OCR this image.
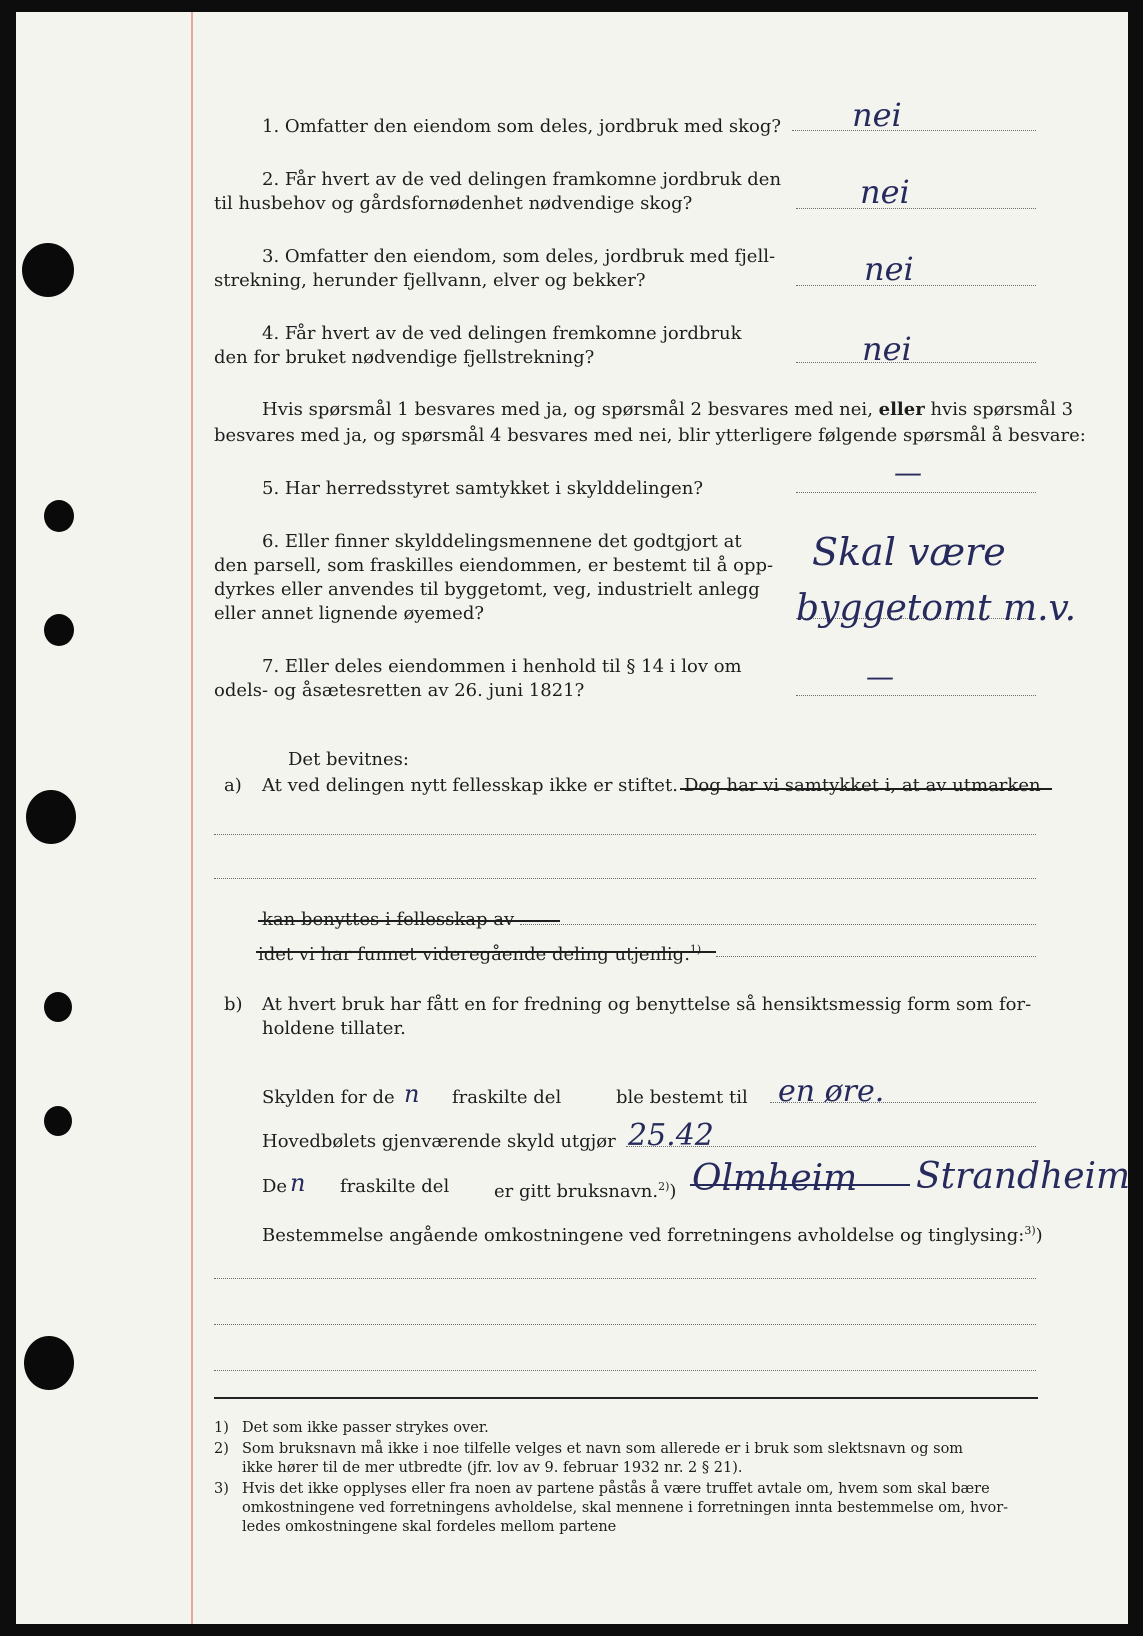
1. Omfatter den eiendom som deles, jordbruk med skog? nei
2. Får hvert av de ved delingen framkomne jordbruk den
til husbehov og gårdsfornødenhet nødvendige skog?	nei
3. Omfatter den eiendom, som deles, jordbruk med fjell-
strekning, herunder fjellvann, elver og bekker?	nei
4. Får hvert av de ved delingen fremkomne jordbruk
den for bruket nødvendige fjellstrekning?	nei
Hvis spørsmål 1 besvares med ja, og spørsmål 2 besvares med nei, eller hvis spørsmål 3
besvares med ja, og spørsmål 4 besvares med nei, blir ytterligere følgende spørsmål å besvare:
5. Har herredsstyret samtykket i skylddelingen?	—
6. Eller finner skylddelingsmennene det godtgjort at
den parsell, som fraskilles eiendommen, er bestemt til å opp-
dyrkes eller anvendes til byggetomt, veg, industrielt anlegg
eller annet lignende øyemed?
Skal være
byggetomt m.v.
7. Eller deles eiendommen i henhold til § 14 i lov om
odels- og åsætesretten av 26. juni 1821?	—
Det bevitnes:
a) At ved delingen nytt fellesskap ikke er stiftet. Dog har vi samtykket i, at av utmarken
kan benyttes i fellesskap av
idet vi har funnet videregående deling utjenlig.$^{1)}$
b) At hvert bruk har fått en for fredning og benyttelse så hensiktsmessig form som for-
holdene tillater.
Skylden for de n fraskilte del	ble bestemt til en øre.
Hovedbølets gjenværende skyld utgjør 25.42
De n fraskilte del er gitt bruksnavn.$^{2)}$) Olmheim Strandheim
Bestemmelse angående omkostningene ved forretningens avholdelse og tinglysing:$^{3)}$)
1) Det som ikke passer strykes over.
2) Som bruksnavn må ikke i noe tilfelle velges et navn som allerede er i bruk som slektsnavn og som
ikke hører til de mer utbredte (jfr. lov av 9. februar 1932 nr. 2 § 21).
3) Hvis det ikke opplyses eller fra noen av partene påstås å være truffet avtale om, hvem som skal bære
omkostningene ved forretningens avholdelse, skal mennene i forretningen innta bestemmelse om, hvor-
ledes omkostningene skal fordeles mellom partene
